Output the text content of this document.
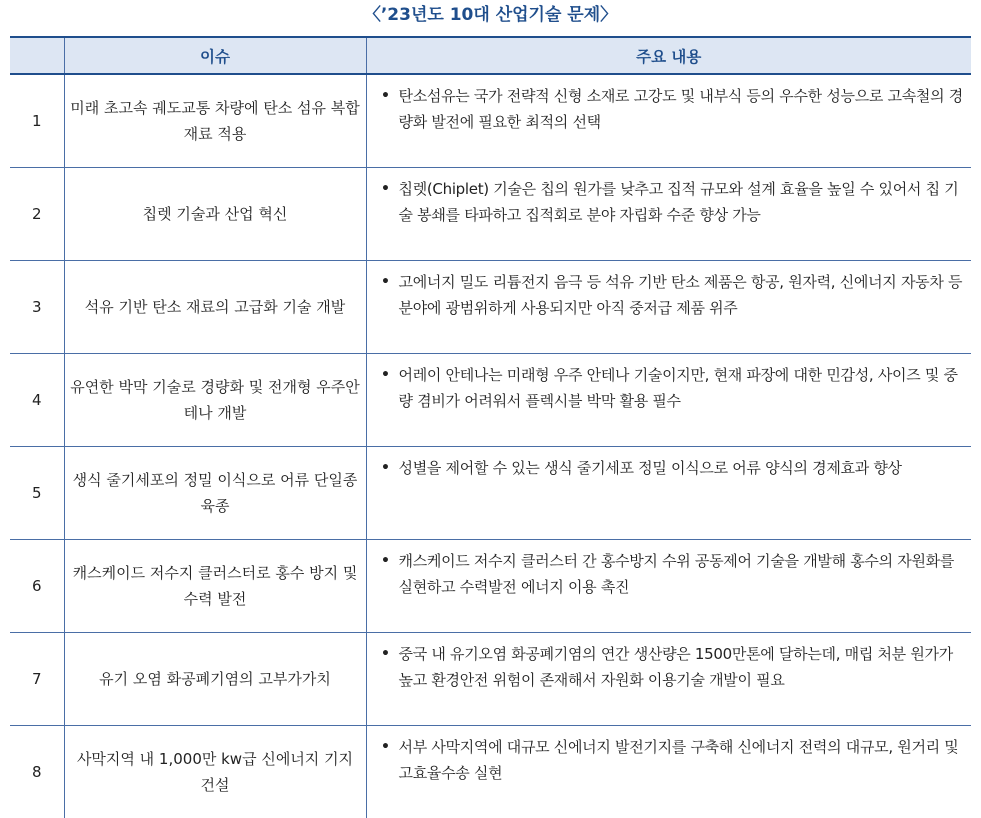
〈’23년도 10대 산업기술 문제〉
	이슈	주요 내용
1	미래 초고속 궤도교통 차량에 탄소 섬유 복합 재료 적용	• 탄소섬유는 국가 전략적 신형 소재로 고강도 및 내부식 등의 우수한 성능으로 고속철의 경량화 발전에 필요한 최적의 선택

2	칩렛 기술과 산업 혁신	• 칩렛(Chiplet) 기술은 칩의 원가를 낮추고 집적 규모와 설계 효율을 높일 수 있어서 칩 기술 봉쇄를 타파하고 집적회로 분야 자립화 수준 향상 가능

3	석유 기반 탄소 재료의 고급화 기술 개발	• 고에너지 밀도 리튬전지 음극 등 석유 기반 탄소 제품은 항공, 원자력, 신에너지 자동차 등 분야에 광범위하게 사용되지만 아직 중저급 제품 위주

4	유연한 박막 기술로 경량화 및 전개형 우주안테나 개발	• 어레이 안테나는 미래형 우주 안테나 기술이지만, 현재 파장에 대한 민감성, 사이즈 및 중량 겸비가 어려워서 플렉시블 박막 활용 필수

5	생식 줄기세포의 정밀 이식으로 어류 단일종 육종	• 성별을 제어할 수 있는 생식 줄기세포 정밀 이식으로 어류 양식의 경제효과 향상

6	캐스케이드 저수지 클러스터로 홍수 방지 및 수력 발전	• 캐스케이드 저수지 클러스터 간 홍수방지 수위 공동제어 기술을 개발해 홍수의 자원화를 실현하고 수력발전 에너지 이용 촉진

7	유기 오염 화공폐기염의 고부가가치	• 중국 내 유기오염 화공폐기염의 연간 생산량은 1500만톤에 달하는데, 매립 처분 원가가 높고 환경안전 위험이 존재해서 자원화 이용기술 개발이 필요

8	사막지역 내 1,000만 kw급 신에너지 기지 건설	• 서부 사막지역에 대규모 신에너지 발전기지를 구축해 신에너지 전력의 대규모, 원거리 및 고효율수송 실현
